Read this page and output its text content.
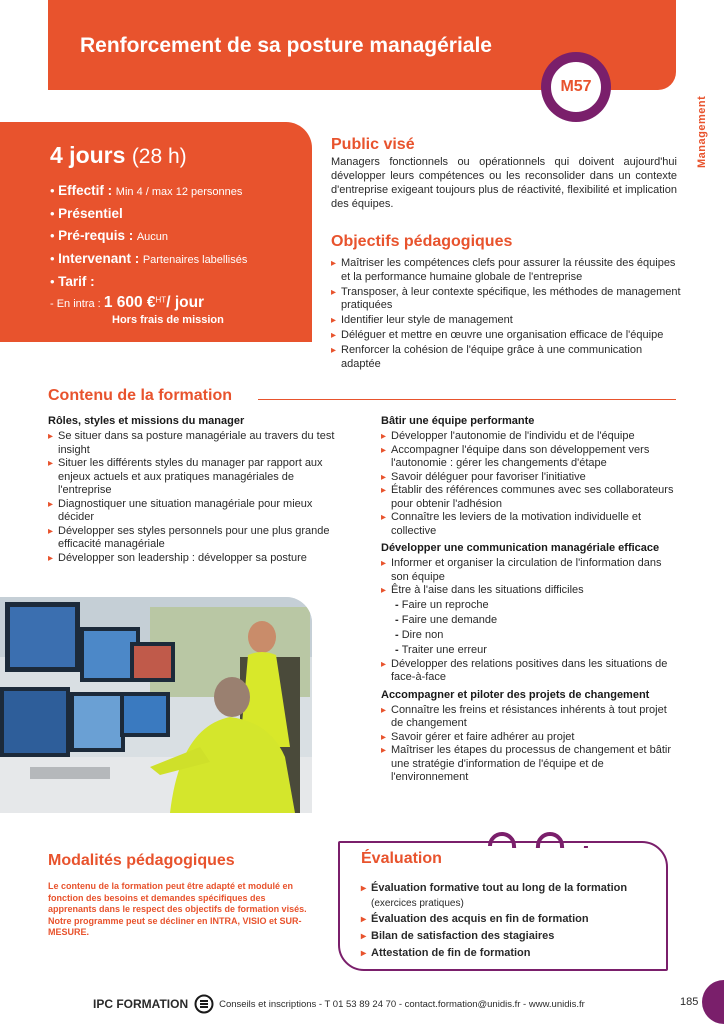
Renforcement de sa posture managériale
M57
Management
4 jours (28 h)
• Effectif : Min 4 / max 12 personnes
• Présentiel
• Pré-requis : Aucun
• Intervenant : Partenaires labellisés
• Tarif :
- En intra : 1 600 €$^{HT}$/ jour
Hors frais de mission
Public visé
Managers fonctionnels ou opérationnels qui doivent aujourd'hui développer leurs compétences ou les reconsolider dans un contexte d'entreprise exigeant toujours plus de réactivité, flexibilité et implication des équipes.
Objectifs pédagogiques
▸ Maîtriser les compétences clefs pour assurer la réussite des équipes et la performance humaine globale de l'entreprise
▸ Transposer, à leur contexte spécifique, les méthodes de management pratiquées
▸ Identifier leur style de management
▸ Déléguer et mettre en œuvre une organisation efficace de l'équipe
▸ Renforcer la cohésion de l'équipe grâce à une communication adaptée
Contenu de la formation
Rôles, styles et missions du manager
▸ Se situer dans sa posture managériale au travers du test insight
▸ Situer les différents styles du manager par rapport aux enjeux actuels et aux pratiques managériales de l'entreprise
▸ Diagnostiquer une situation managériale pour mieux décider
▸ Développer ses styles personnels pour une plus grande efficacité managériale
▸ Développer son leadership : développer sa posture
Bâtir une équipe performante
▸ Développer l'autonomie de l'individu et de l'équipe
▸ Accompagner l'équipe dans son développement vers l'autonomie : gérer les changements d'étape
▸ Savoir déléguer pour favoriser l'initiative
▸ Établir des références communes avec ses collaborateurs pour obtenir l'adhésion
▸ Connaître les leviers de la motivation individuelle et collective
Développer une communication managériale efficace
▸ Informer et organiser la circulation de l'information dans son équipe
▸ Être à l'aise dans les situations difficiles
- Faire un reproche
- Faire une demande
- Dire non
- Traiter une erreur
▸ Développer des relations positives dans les situations de face-à-face
Accompagner et piloter des projets de changement
▸ Connaître les freins et résistances inhérents à tout projet de changement
▸ Savoir gérer et faire adhérer au projet
▸ Maîtriser les étapes du processus de changement et bâtir une stratégie d'information de l'équipe et de l'environnement
Modalités pédagogiques
Le contenu de la formation peut être adapté et modulé en fonction des besoins et demandes spécifiques des apprenants dans le respect des objectifs de formation visés. Notre programme peut se décliner en INTRA, VISIO et SUR-MESURE.
Évaluation
▸ Évaluation formative tout au long de la formation
(exercices pratiques)
▸ Évaluation des acquis en fin de formation
▸ Bilan de satisfaction des stagiaires
▸ Attestation de fin de formation
IPC FORMATION	Conseils et inscriptions - T 01 53 89 24 70 - contact.formation@unidis.fr - www.unidis.fr	185
